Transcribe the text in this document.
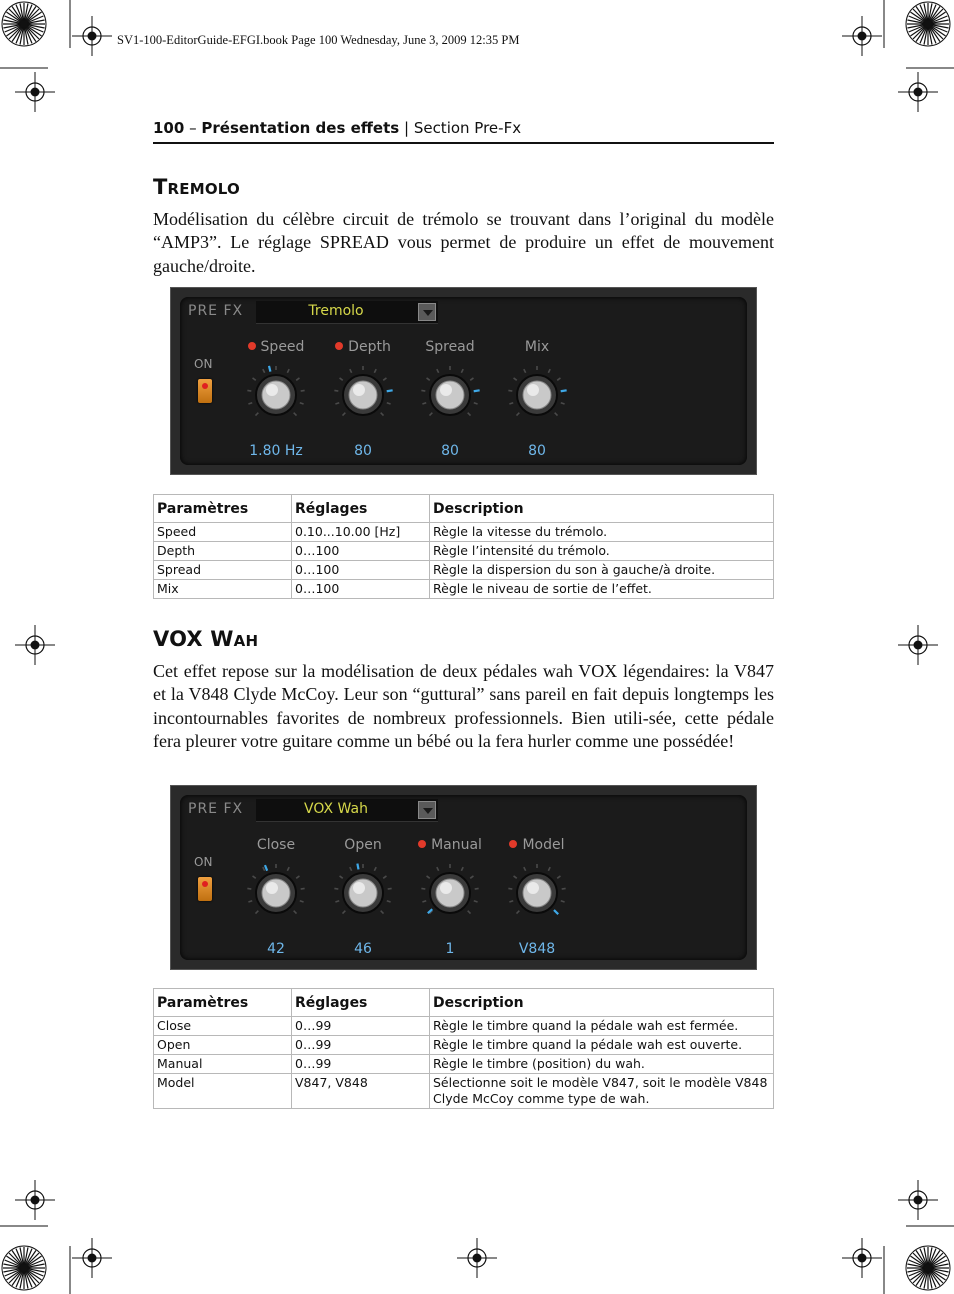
SV1-100-EditorGuide-EFGI.book Page 100 Wednesday, June 3, 2009 12:35 PM
100 – Présentation des effets | Section Pre-Fx
Tremolo

Modélisation du célèbre circuit de trémolo se trouvant dans l’original du modèle “AMP3”. Le réglage SPREAD vous permet de produire un effet de mouvement gauche/droite.

PRE FX	Tremolo
ON
Speed
1.80 Hz
Depth
80
Spread
80
Mix
80
Paramètres	Réglages	Description
Speed	0.10...10.00 [Hz]	Règle la vitesse du trémolo.
Depth	0…100	Règle l’intensité du trémolo.
Spread	0…100	Règle la dispersion du son à gauche/à droite.
Mix	0…100	Règle le niveau de sortie de l’effet.
VOX Wah

Cet effet repose sur la modélisation de deux pédales wah VOX légendaires: la V847 et la V848 Clyde McCoy. Leur son “guttural” sans pareil en fait depuis longtemps les incontournables favorites de nombreux professionnels. Bien utili-sée, cette pédale fera pleurer votre guitare comme un bébé ou la fera hurler comme une possédée!

PRE FX	VOX Wah
ON
Close
42
Open
46
Manual
1
Model
V848
Paramètres	Réglages	Description
Close	0…99	Règle le timbre quand la pédale wah est fermée.
Open	0…99	Règle le timbre quand la pédale wah est ouverte.
Manual	0…99	Règle le timbre (position) du wah.
Model	V847, V848	Sélectionne soit le modèle V847, soit le modèle V848 Clyde McCoy comme type de wah.
